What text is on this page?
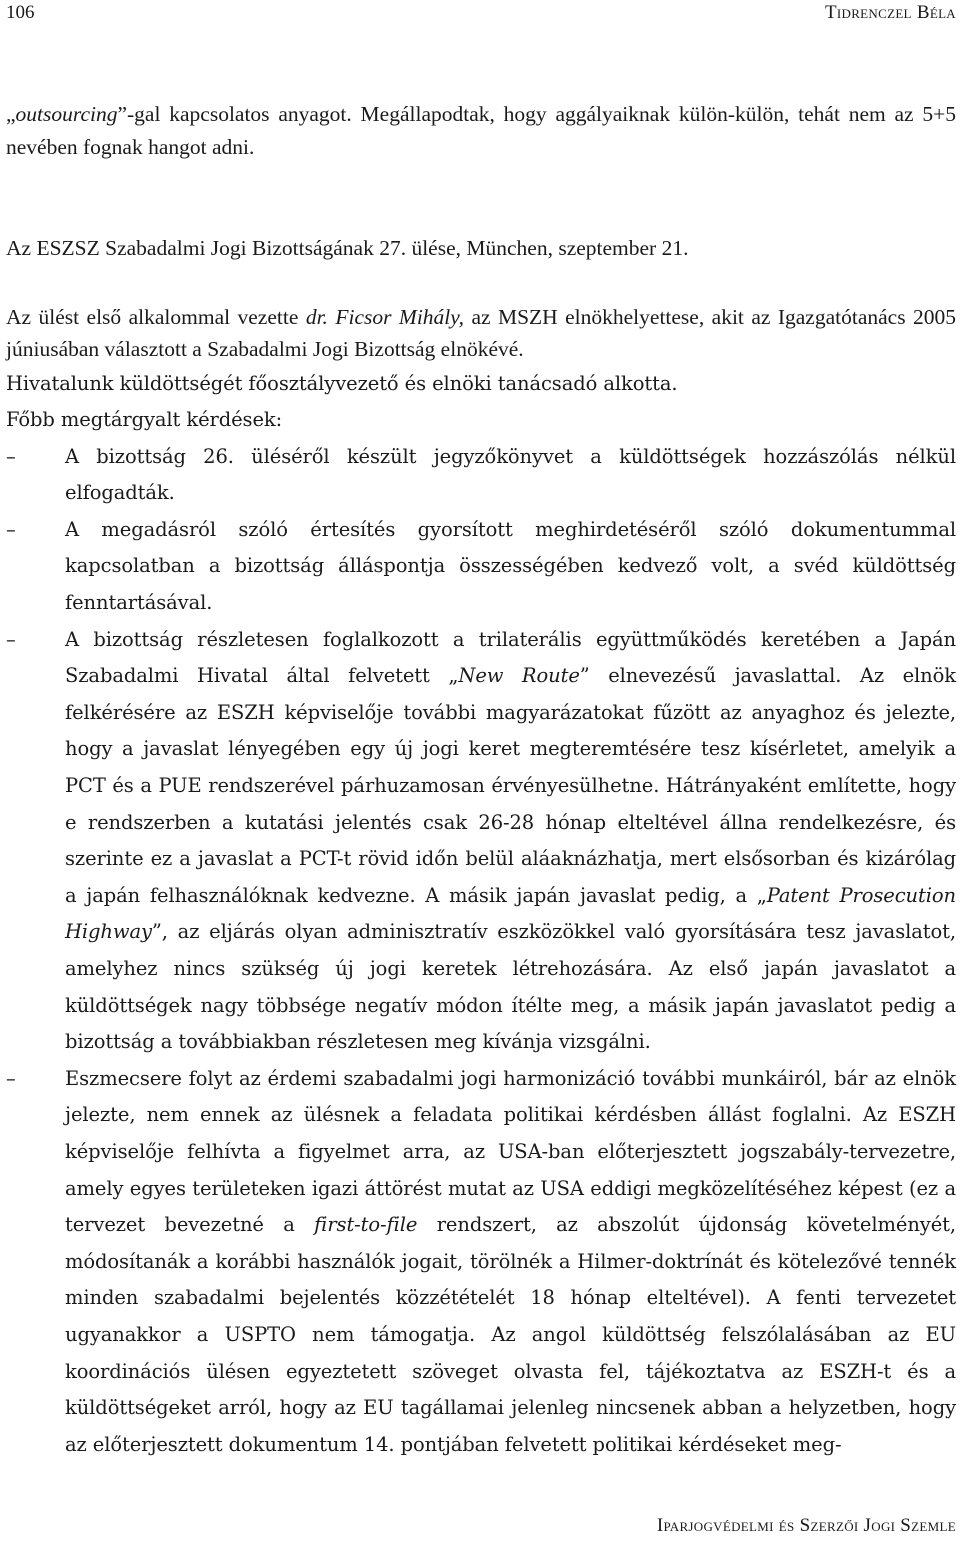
106	Tidrenczel Béla

„outsourcing”-gal kapcsolatos anyagot. Megállapodtak, hogy aggályaiknak külön-külön, tehát nem az 5+5 nevében fognak hangot adni.

Az ESZSZ Szabadalmi Jogi Bizottságának 27. ülése, München, szeptember 21.

Az ülést első alkalommal vezette dr. Ficsor Mihály, az MSZH elnökhelyettese, akit az Igazgatótanács 2005 júniusában választott a Szabadalmi Jogi Bizottság elnökévé.

Hivatalunk küldöttségét főosztályvezető és elnöki tanácsadó alkotta.

Főbb megtárgyalt kérdések:

–	A bizottság 26. üléséről készült jegyzőkönyvet a küldöttségek hozzászólás nélkül elfogadták.
–	A megadásról szóló értesítés gyorsított meghirdetéséről szóló dokumentummal kapcsolatban a bizottság álláspontja összességében kedvező volt, a svéd küldöttség fenntartásával.
–	A bizottság részletesen foglalkozott a trilaterális együttműködés keretében a Japán Szabadalmi Hivatal által felvetett „New Route” elnevezésű javaslattal. Az elnök felkérésére az ESZH képviselője további magyarázatokat fűzött az anyaghoz és jelezte, hogy a javaslat lényegében egy új jogi keret megteremtésére tesz kísérletet, amelyik a PCT és a PUE rendszerével párhuzamosan érvényesülhetne. Hátrányaként említette, hogy e rendszerben a kutatási jelentés csak 26-28 hónap elteltével állna rendelkezésre, és szerinte ez a javaslat a PCT-t rövid időn belül aláaknázhatja, mert elsősorban és kizárólag a japán felhasználóknak kedvezne. A másik japán javaslat pedig, a „Patent Prosecution Highway”, az eljárás olyan adminisztratív eszközökkel való gyorsítására tesz javaslatot, amelyhez nincs szükség új jogi keretek létrehozására. Az első japán javaslatot a küldöttségek nagy többsége negatív módon ítélte meg, a másik japán javaslatot pedig a bizottság a továbbiakban részletesen meg kívánja vizsgálni.
–	Eszmecsere folyt az érdemi szabadalmi jogi harmonizáció további munkáiról, bár az elnök jelezte, nem ennek az ülésnek a feladata politikai kérdésben állást foglalni. Az ESZH képviselője felhívta a figyelmet arra, az USA-ban előterjesztett jogszabály-tervezetre, amely egyes területeken igazi áttörést mutat az USA eddigi megközelítéséhez képest (ez a tervezet bevezetné a first-to-file rendszert, az abszolút újdonság követelményét, módosítanák a korábbi használók jogait, törölnék a Hilmer-doktrínát és kötelezővé tennék minden szabadalmi bejelentés közzétételét 18 hónap elteltével). A fenti tervezetet ugyanakkor a USPTO nem támogatja. Az angol küldöttség felszólalásában az EU koordinációs ülésen egyeztetett szöveget olvasta fel, tájékoztatva az ESZH-t és a küldöttségeket arról, hogy az EU tagállamai jelenleg nincsenek abban a helyzetben, hogy az előterjesztett dokumentum 14. pontjában felvetett politikai kérdéseket meg-
Iparjogvédelmi és Szerzői Jogi Szemle
